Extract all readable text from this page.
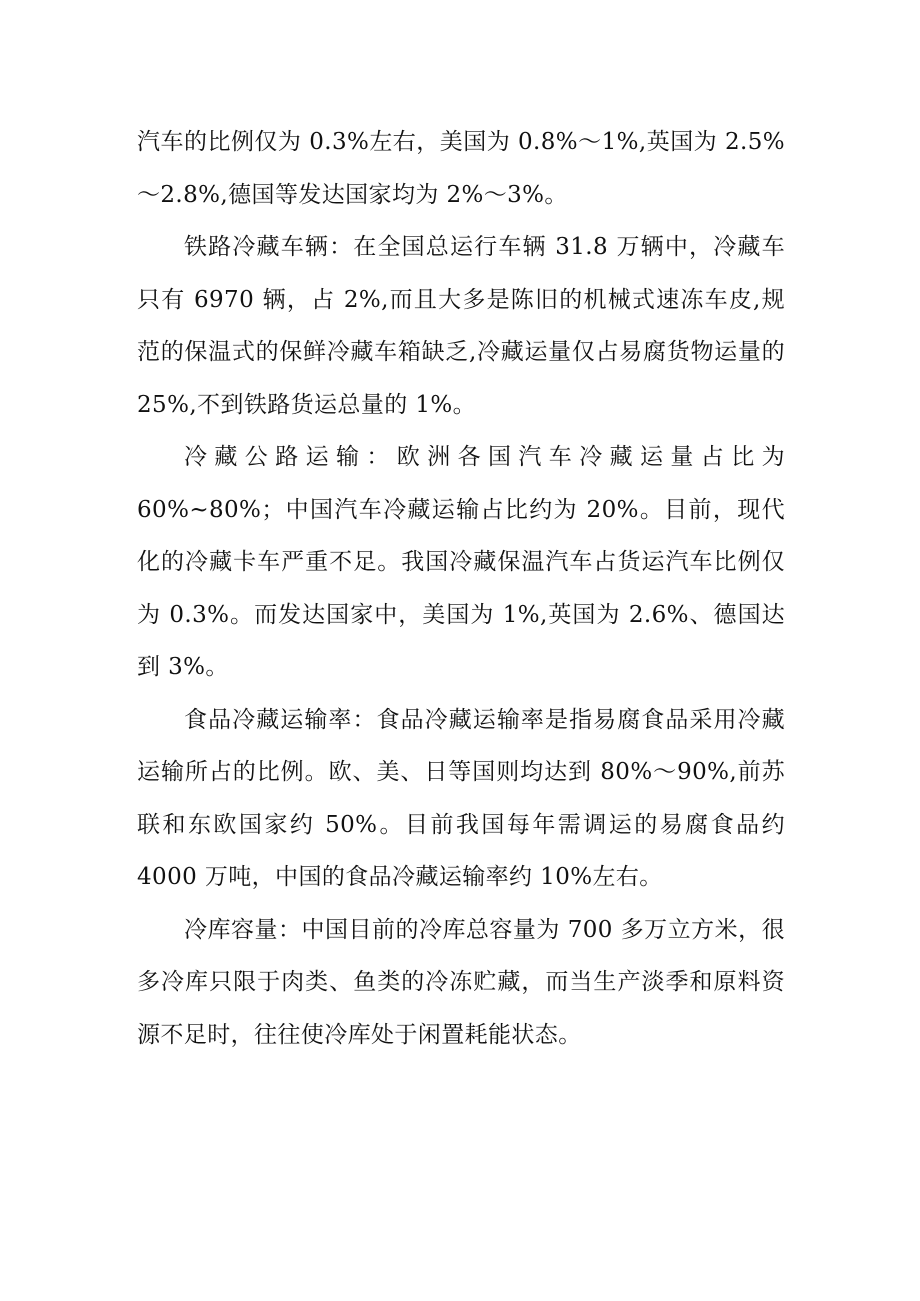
汽车的比例仅为 0.3%左右，美国为 0.8%～1%,英国为 2.5%～2.8%,德国等发达国家均为 2%～3%。

铁路冷藏车辆：在全国总运行车辆 31.8 万辆中，冷藏车只有 6970 辆，占 2%,而且大多是陈旧的机械式速冻车皮,规范的保温式的保鲜冷藏车箱缺乏,冷藏运量仅占易腐货物运量的 25%,不到铁路货运总量的 1%。

冷藏公路运输：欧洲各国汽车冷藏运量占比为 60%~80%；中国汽车冷藏运输占比约为 20%。目前，现代化的冷藏卡车严重不足。我国冷藏保温汽车占货运汽车比例仅为 0.3%。而发达国家中，美国为 1%,英国为 2.6%、德国达到 3%。

食品冷藏运输率：食品冷藏运输率是指易腐食品采用冷藏运输所占的比例。欧、美、日等国则均达到 80%～90%,前苏联和东欧国家约 50%。目前我国每年需调运的易腐食品约 4000 万吨，中国的食品冷藏运输率约 10%左右。

冷库容量：中国目前的冷库总容量为 700 多万立方米，很多冷库只限于肉类、鱼类的冷冻贮藏，而当生产淡季和原料资源不足时，往往使冷库处于闲置耗能状态。
